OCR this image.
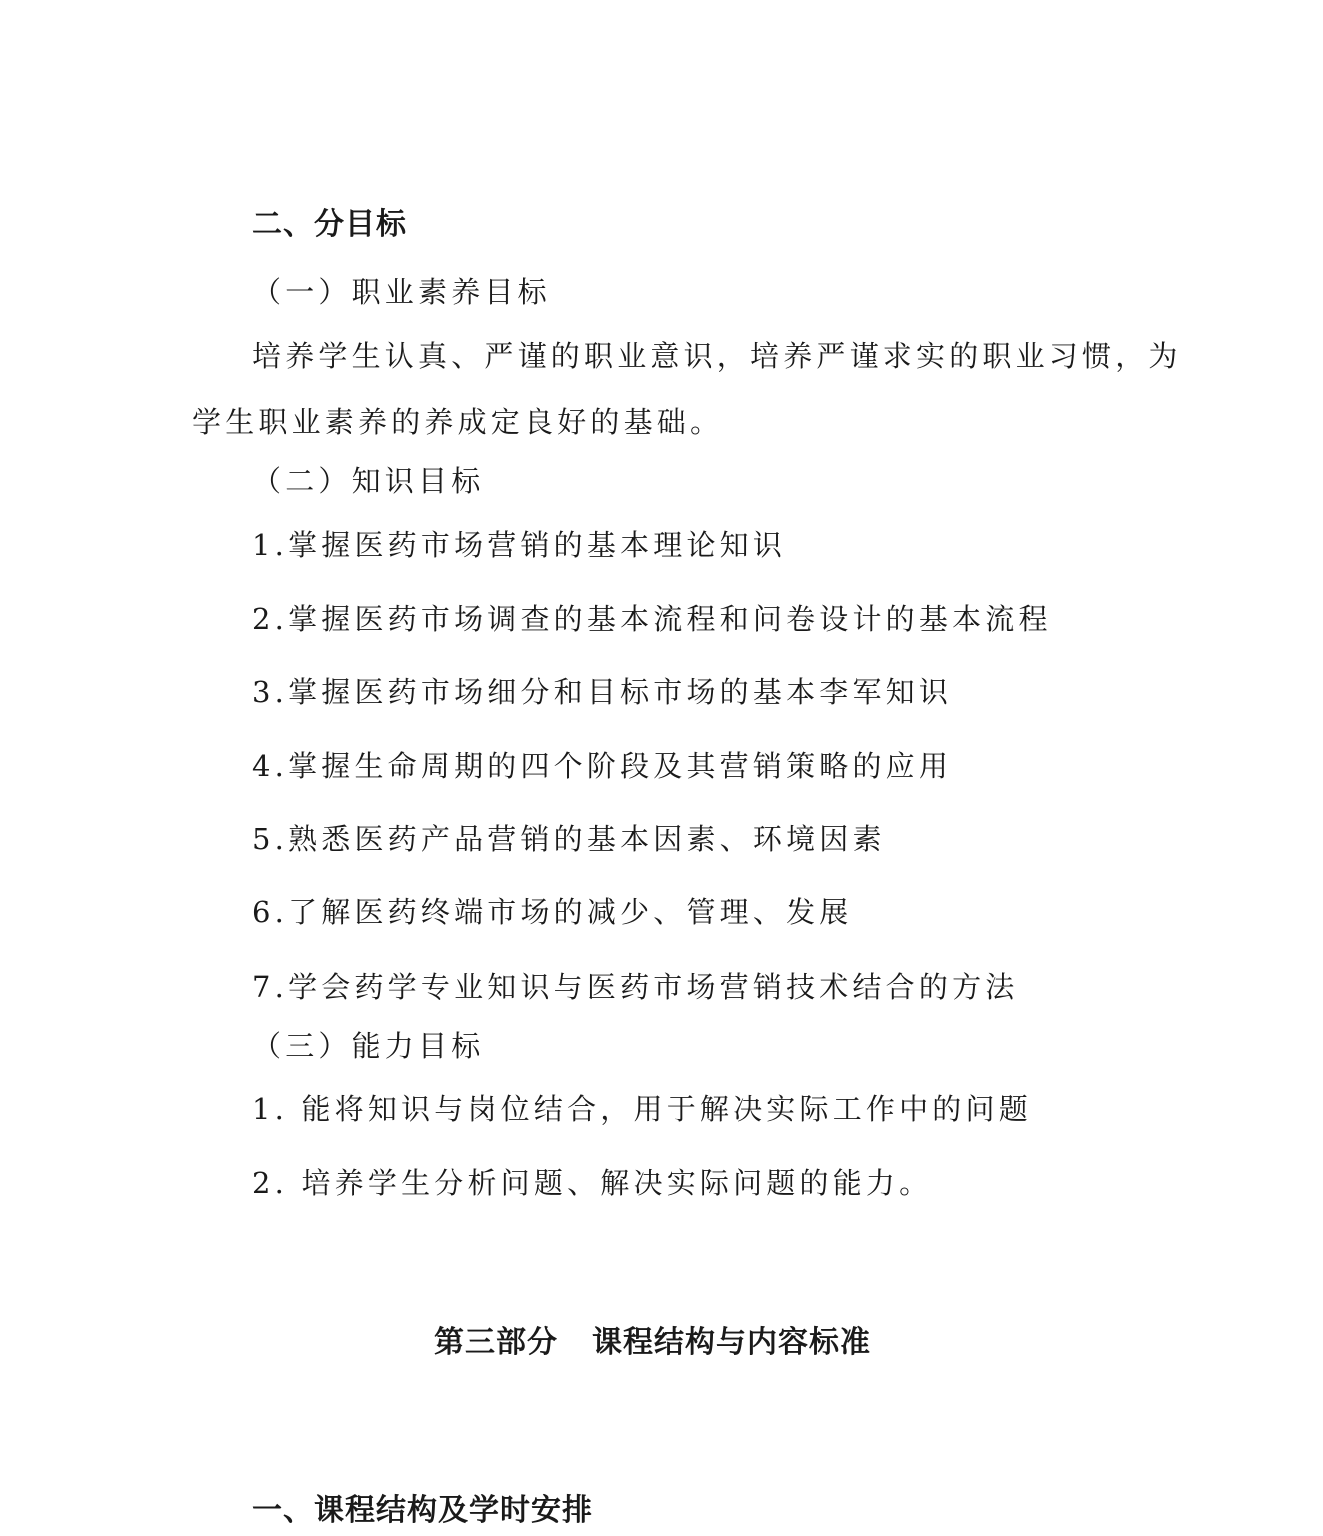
二、分目标
（一）职业素养目标
培养学生认真、严谨的职业意识，培养严谨求实的职业习惯，为
学生职业素养的养成定良好的基础。
（二）知识目标
1.掌握医药市场营销的基本理论知识
2.掌握医药市场调查的基本流程和问卷设计的基本流程
3.掌握医药市场细分和目标市场的基本李军知识
4.掌握生命周期的四个阶段及其营销策略的应用
5.熟悉医药产品营销的基本因素、环境因素
6.了解医药终端市场的减少、管理、发展
7.学会药学专业知识与医药市场营销技术结合的方法
（三）能力目标
1. 能将知识与岗位结合，用于解决实际工作中的问题
2. 培养学生分析问题、解决实际问题的能力。
第三部分 课程结构与内容标准
一、课程结构及学时安排
